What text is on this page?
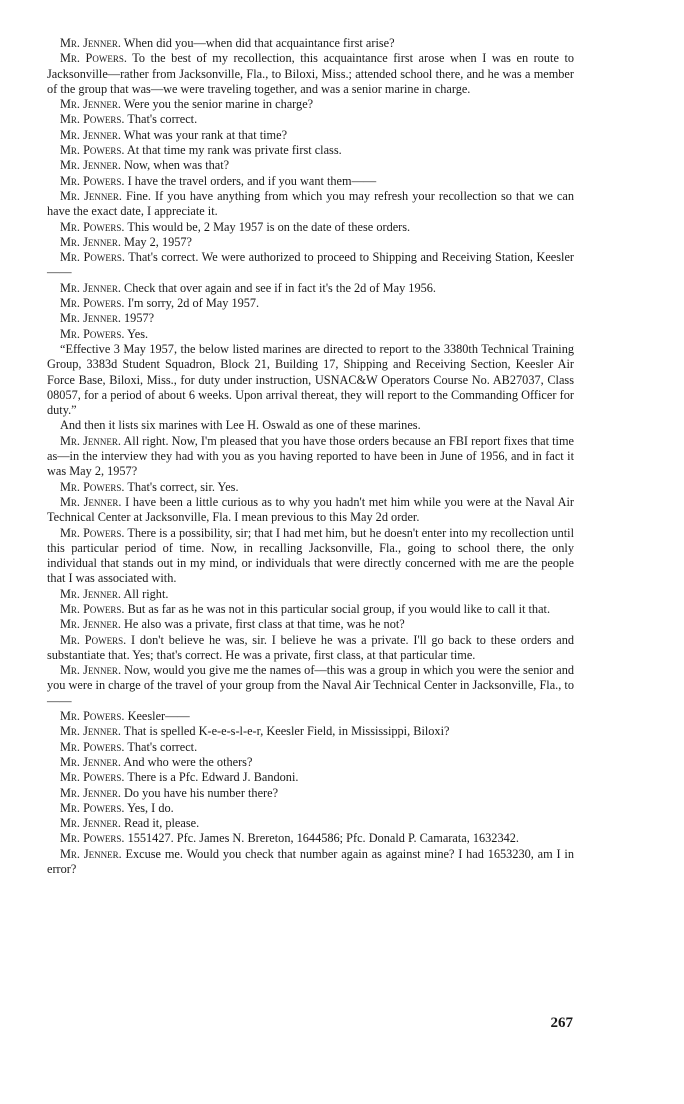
Mr. Jenner. When did you—when did that acquaintance first arise?

Mr. Powers. To the best of my recollection, this acquaintance first arose when I was en route to Jacksonville—rather from Jacksonville, Fla., to Biloxi, Miss.; attended school there, and he was a member of the group that was—we were traveling together, and was a senior marine in charge.

Mr. Jenner. Were you the senior marine in charge?

Mr. Powers. That's correct.

Mr. Jenner. What was your rank at that time?

Mr. Powers. At that time my rank was private first class.

Mr. Jenner. Now, when was that?

Mr. Powers. I have the travel orders, and if you want them——

Mr. Jenner. Fine. If you have anything from which you may refresh your recollection so that we can have the exact date, I appreciate it.

Mr. Powers. This would be, 2 May 1957 is on the date of these orders.

Mr. Jenner. May 2, 1957?

Mr. Powers. That's correct. We were authorized to proceed to Shipping and Receiving Station, Keesler——

Mr. Jenner. Check that over again and see if in fact it's the 2d of May 1956.

Mr. Powers. I'm sorry, 2d of May 1957.

Mr. Jenner. 1957?

Mr. Powers. Yes.

“Effective 3 May 1957, the below listed marines are directed to report to the 3380th Technical Training Group, 3383d Student Squadron, Block 21, Building 17, Shipping and Receiving Section, Keesler Air Force Base, Biloxi, Miss., for duty under instruction, USNAC&W Operators Course No. AB27037, Class 08057, for a period of about 6 weeks. Upon arrival thereat, they will report to the Commanding Officer for duty.”

And then it lists six marines with Lee H. Oswald as one of these marines.

Mr. Jenner. All right. Now, I'm pleased that you have those orders because an FBI report fixes that time as—in the interview they had with you as you having reported to have been in June of 1956, and in fact it was May 2, 1957?

Mr. Powers. That's correct, sir. Yes.

Mr. Jenner. I have been a little curious as to why you hadn't met him while you were at the Naval Air Technical Center at Jacksonville, Fla. I mean previous to this May 2d order.

Mr. Powers. There is a possibility, sir; that I had met him, but he doesn't enter into my recollection until this particular period of time. Now, in recalling Jacksonville, Fla., going to school there, the only individual that stands out in my mind, or individuals that were directly concerned with me are the people that I was associated with.

Mr. Jenner. All right.

Mr. Powers. But as far as he was not in this particular social group, if you would like to call it that.

Mr. Jenner. He also was a private, first class at that time, was he not?

Mr. Powers. I don't believe he was, sir. I believe he was a private. I'll go back to these orders and substantiate that. Yes; that's correct. He was a private, first class, at that particular time.

Mr. Jenner. Now, would you give me the names of—this was a group in which you were the senior and you were in charge of the travel of your group from the Naval Air Technical Center in Jacksonville, Fla., to——

Mr. Powers. Keesler——

Mr. Jenner. That is spelled K-e-e-s-l-e-r, Keesler Field, in Mississippi, Biloxi?

Mr. Powers. That's correct.

Mr. Jenner. And who were the others?

Mr. Powers. There is a Pfc. Edward J. Bandoni.

Mr. Jenner. Do you have his number there?

Mr. Powers. Yes, I do.

Mr. Jenner. Read it, please.

Mr. Powers. 1551427. Pfc. James N. Brereton, 1644586; Pfc. Donald P. Camarata, 1632342.

Mr. Jenner. Excuse me. Would you check that number again as against mine? I had 1653230, am I in error?

267
